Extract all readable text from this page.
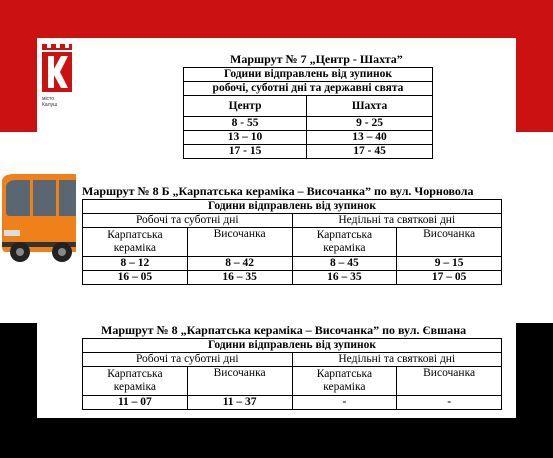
місто
Калуш
Маршрут № 7 „Центр - Шахта”
Години відправлень від зупинок	
робочі, суботні дні та державні свята	
Центр	Шахта
8 - 55	9 - 25
13 – 10	13 – 40
17 - 15	17 - 45
Маршрут № 8 Б „Карпатська кераміка – Височанка” по вул. Чорновола
Години відправлень від зупинок			
Робочі та суботні дні		Недільні та святкові дні	
Карпатська кераміка	Височанка	Карпатська кераміка	Височанка
8 – 12	8 – 42	8 – 45	9 – 15
16 – 05	16 – 35	16 – 35	17 – 05
Маршрут № 8 „Карпатська кераміка – Височанка” по вул. Євшана
Години відправлень від зупинок			
Робочі та суботні дні		Недільні та святкові дні	
Карпатська кераміка	Височанка	Карпатська кераміка	Височанка
11 – 07	11 – 37	-	-
